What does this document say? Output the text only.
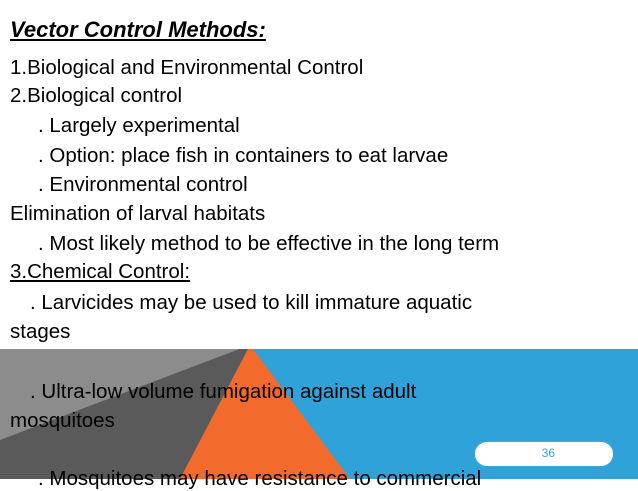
Vector Control Methods:
1.Biological and Environmental Control
2.Biological control
. Largely experimental
. Option: place fish in containers to eat larvae
. Environmental control
Elimination of larval habitats
. Most likely method to be effective in the long term
3.Chemical Control:
. Larvicides may be used to kill immature aquatic
stages
. Ultra-low volume fumigation against adult
mosquitoes
. Mosquitoes may have resistance to commercial
36
